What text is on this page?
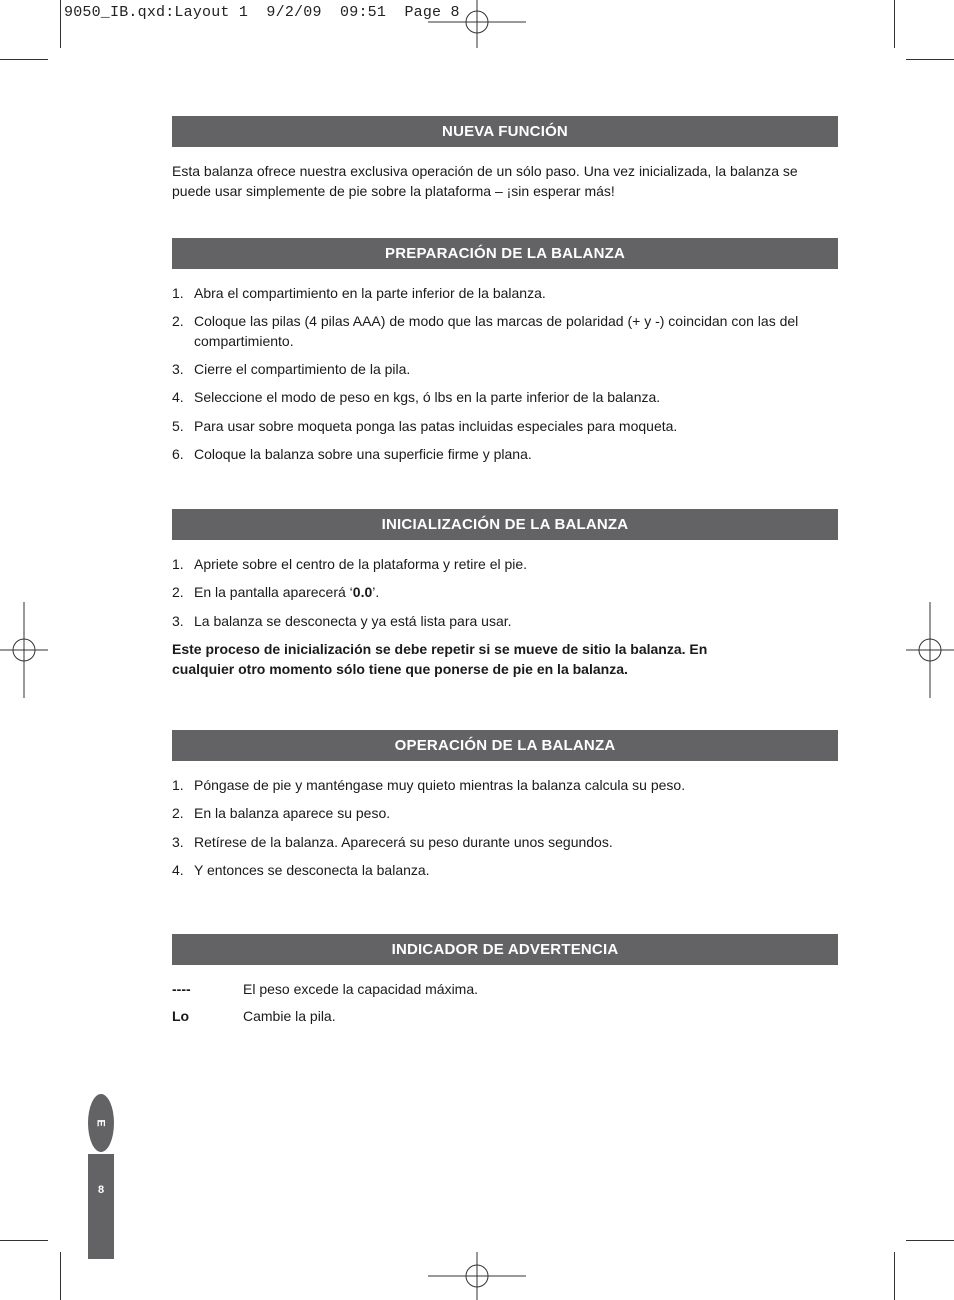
9050_IB.qxd:Layout 1  9/2/09  09:51  Page 8
NUEVA FUNCIÓN

Esta balanza ofrece nuestra exclusiva operación de un sólo paso. Una vez inicializada, la balanza se
puede usar simplemente de pie sobre la plataforma – ¡sin esperar más!

PREPARACIÓN DE LA BALANZA
1. Abra el compartimiento en la parte inferior de la balanza.
2. Coloque las pilas (4 pilas AAA) de modo que las marcas de polaridad (+ y -) coincidan con las del compartimiento.
3. Cierre el compartimiento de la pila.
4. Seleccione el modo de peso en kgs, ó lbs en la parte inferior de la balanza.
5. Para usar sobre moqueta ponga las patas incluidas especiales para moqueta.
6. Coloque la balanza sobre una superficie firme y plana.
INICIALIZACIÓN DE LA BALANZA
1. Apriete sobre el centro de la plataforma y retire el pie.
2. En la pantalla aparecerá ‘0.0’.
3. La balanza se desconecta y ya está lista para usar.

Este proceso de inicialización se debe repetir si se mueve de sitio la balanza. En
cualquier otro momento sólo tiene que ponerse de pie en la balanza.

OPERACIÓN DE LA BALANZA
1. Póngase de pie y manténgase muy quieto mientras la balanza calcula su peso.
2. En la balanza aparece su peso.
3. Retírese de la balanza. Aparecerá su peso durante unos segundos.
4. Y entonces se desconecta la balanza.
INDICADOR DE ADVERTENCIA
----	El peso excede la capacidad máxima.
Lo	Cambie la pila.
E
8
